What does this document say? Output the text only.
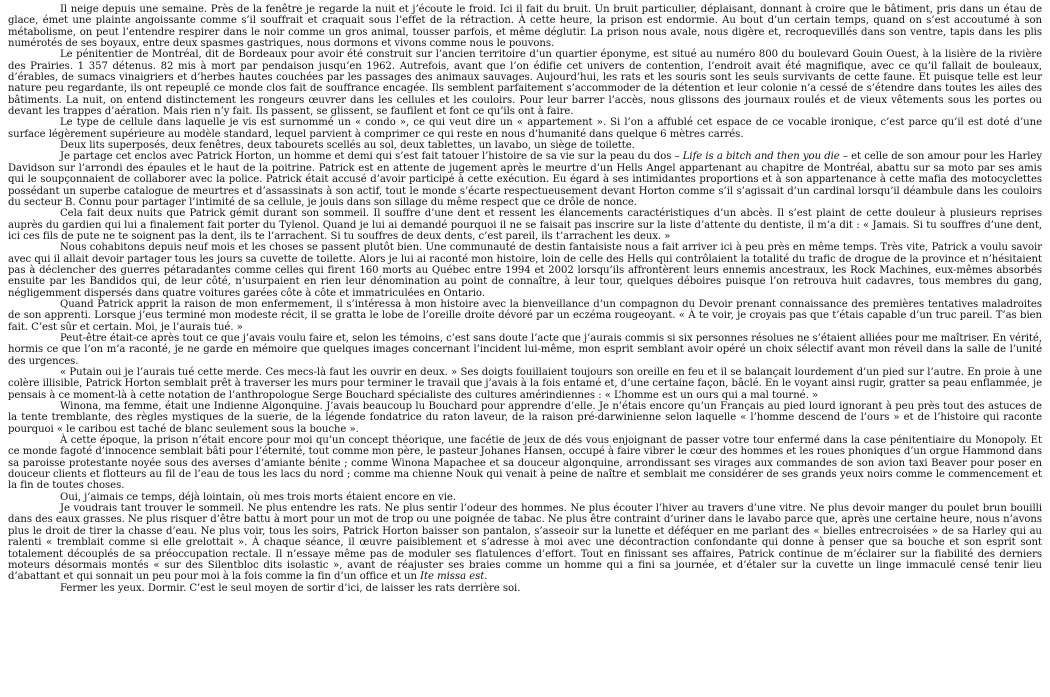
Il neige depuis une semaine. Près de la fenêtre je regarde la nuit et j’écoute le froid. Ici il fait du bruit. Un bruit particulier, déplaisant, donnant à croire que le bâtiment, pris dans un étau de glace, émet une plainte angoissante comme s’il souffrait et craquait sous l’effet de la rétraction. À cette heure, la prison est endormie. Au bout d’un certain temps, quand on s’est accoutumé à son métabolisme, on peut l’entendre respirer dans le noir comme un gros animal, tousser parfois, et même déglutir. La prison nous avale, nous digère et, recroquevillés dans son ventre, tapis dans les plis numérotés de ses boyaux, entre deux spasmes gastriques, nous dormons et vivons comme nous le pouvons.

Le pénitentier de Montréal, dit de Bordeaux pour avoir été construit sur l’ancien territoire d’un quartier éponyme, est situé au numéro 800 du boulevard Gouin Ouest, à la lisière de la rivière des Prairies. 1 357 détenus. 82 mis à mort par pendaison jusqu’en 1962. Autrefois, avant que l’on édifie cet univers de contention, l’endroit avait été magnifique, avec ce qu’il fallait de bouleaux, d’érables, de sumacs vinaigriers et d’herbes hautes couchées par les passages des animaux sauvages. Aujourd’hui, les rats et les souris sont les seuls survivants de cette faune. Et puisque telle est leur nature peu regardante, ils ont repeuplé ce monde clos fait de souffrance encagée. Ils semblent parfaitement s’accommoder de la détention et leur colonie n’a cessé de s’étendre dans toutes les ailes des bâtiments. La nuit, on entend distinctement les rongeurs œuvrer dans les cellules et les couloirs. Pour leur barrer l’accès, nous glissons des journaux roulés et de vieux vêtements sous les portes ou devant les trappes d’aération. Mais rien n’y fait. Ils passent, se glissent, se faufilent et font ce qu’ils ont à faire.

Le type de cellule dans laquelle je vis est surnommé un « condo », ce qui veut dire un « appartement ». Si l’on a affublé cet espace de ce vocable ironique, c’est parce qu’il est doté d’une surface légèrement supérieure au modèle standard, lequel parvient à comprimer ce qui reste en nous d’humanité dans quelque 6 mètres carrés.

Deux lits superposés, deux fenêtres, deux tabourets scellés au sol, deux tablettes, un lavabo, un siège de toilette.

Je partage cet enclos avec Patrick Horton, un homme et demi qui s’est fait tatouer l’histoire de sa vie sur la peau du dos – Life is a bitch and then you die – et celle de son amour pour les Harley Davidson sur l’arrondi des épaules et le haut de la poitrine. Patrick est en attente de jugement après le meurtre d’un Hells Angel appartenant au chapitre de Montréal, abattu sur sa moto par ses amis qui le soupçonnaient de collaborer avec la police. Patrick était accusé d’avoir participé à cette exécution. Eu égard à ses intimidantes proportions et à son appartenance à cette mafia des motocyclettes possédant un superbe catalogue de meurtres et d’assassinats à son actif, tout le monde s’écarte respectueusement devant Horton comme s’il s’agissait d’un cardinal lorsqu’il déambule dans les couloirs du secteur B. Connu pour partager l’intimité de sa cellule, je jouis dans son sillage du même respect que ce drôle de nonce.

Cela fait deux nuits que Patrick gémit durant son sommeil. Il souffre d’une dent et ressent les élancements caractéristiques d’un abcès. Il s’est plaint de cette douleur à plusieurs reprises auprès du gardien qui lui a finalement fait porter du Tylenol. Quand je lui ai demandé pourquoi il ne se faisait pas inscrire sur la liste d’attente du dentiste, il m’a dit : « Jamais. Si tu souffres d’une dent, ici ces fils de pute ne te soignent pas la dent, ils te l’arrachent. Si tu souffres de deux dents, c’est pareil, ils t’arrachent les deux. »

Nous cohabitons depuis neuf mois et les choses se passent plutôt bien. Une communauté de destin fantaisiste nous a fait arriver ici à peu près en même temps. Très vite, Patrick a voulu savoir avec qui il allait devoir partager tous les jours sa cuvette de toilette. Alors je lui ai raconté mon histoire, loin de celle des Hells qui contrôlaient la totalité du trafic de drogue de la province et n’hésitaient pas à déclencher des guerres pétaradantes comme celles qui firent 160 morts au Québec entre 1994 et 2002 lorsqu’ils affrontèrent leurs ennemis ancestraux, les Rock Machines, eux-mêmes absorbés ensuite par les Bandidos qui, de leur côté, n’usurpaient en rien leur dénomination au point de connaître, à leur tour, quelques déboires puisque l’on retrouva huit cadavres, tous membres du gang, négligemment dispersés dans quatre voitures garées côte à côte et immatriculées en Ontario.

Quand Patrick apprit la raison de mon enfermement, il s’intéressa à mon histoire avec la bienveillance d’un compagnon du Devoir prenant connaissance des premières tentatives maladroites de son apprenti. Lorsque j’eus terminé mon modeste récit, il se gratta le lobe de l’oreille droite dévoré par un eczéma rougeoyant. « À te voir, je croyais pas que t’étais capable d’un truc pareil. T’as bien fait. C’est sûr et certain. Moi, je l’aurais tué. »

Peut-être était-ce après tout ce que j’avais voulu faire et, selon les témoins, c’est sans doute l’acte que j’aurais commis si six personnes résolues ne s’étaient alliées pour me maîtriser. En vérité, hormis ce que l’on m’a raconté, je ne garde en mémoire que quelques images concernant l’incident lui-même, mon esprit semblant avoir opéré un choix sélectif avant mon réveil dans la salle de l’unité des urgences.

« Putain oui je l’aurais tué cette merde. Ces mecs-là faut les ouvrir en deux. » Ses doigts fouillaient toujours son oreille en feu et il se balançait lourdement d’un pied sur l’autre. En proie à une colère illisible, Patrick Horton semblait prêt à traverser les murs pour terminer le travail que j’avais à la fois entamé et, d’une certaine façon, bâclé. En le voyant ainsi rugir, gratter sa peau enflammée, je pensais à ce moment-là à cette notation de l’anthropologue Serge Bouchard spécialiste des cultures amérindiennes : « L’homme est un ours qui a mal tourné. »

Winona, ma femme, était une Indienne Algonquine. J’avais beaucoup lu Bouchard pour apprendre d’elle. Je n’étais encore qu’un Français au pied lourd ignorant à peu près tout des astuces de la tente tremblante, des règles mystiques de la suerie, de la légende fondatrice du raton laveur, de la raison pré-darwinienne selon laquelle « l’homme descend de l’ours » et de l’histoire qui raconte pourquoi « le caribou est taché de blanc seulement sous la bouche ».

À cette époque, la prison n’était encore pour moi qu’un concept théorique, une facétie de jeux de dés vous enjoignant de passer votre tour enfermé dans la case pénitentiaire du Monopoly. Et ce monde fagoté d’innocence semblait bâti pour l’éternité, tout comme mon père, le pasteur Johanes Hansen, occupé à faire vibrer le cœur des hommes et les roues phoniques d’un orgue Hammond dans sa paroisse protestante noyée sous des averses d’amiante bénite ; comme Winona Mapachee et sa douceur algonquine, arrondissant ses virages aux commandes de son avion taxi Beaver pour poser en douceur clients et flotteurs au fil de l’eau de tous les lacs du nord ; comme ma chienne Nouk qui venait à peine de naître et semblait me considérer de ses grands yeux noirs comme le commencement et la fin de toutes choses.

Oui, j’aimais ce temps, déjà lointain, où mes trois morts étaient encore en vie.

Je voudrais tant trouver le sommeil. Ne plus entendre les rats. Ne plus sentir l’odeur des hommes. Ne plus écouter l’hiver au travers d’une vitre. Ne plus devoir manger du poulet brun bouilli dans des eaux grasses. Ne plus risquer d’être battu à mort pour un mot de trop ou une poignée de tabac. Ne plus être contraint d’uriner dans le lavabo parce que, après une certaine heure, nous n’avons plus le droit de tirer la chasse d’eau. Ne plus voir, tous les soirs, Patrick Horton baisser son pantalon, s’asseoir sur la lunette et déféquer en me parlant des « bielles entrecroisées » de sa Harley qui au ralenti « tremblait comme si elle grelottait ». À chaque séance, il œuvre paisiblement et s’adresse à moi avec une décontraction confondante qui donne à penser que sa bouche et son esprit sont totalement découplés de sa préoccupation rectale. Il n’essaye même pas de moduler ses flatulences d’effort. Tout en finissant ses affaires, Patrick continue de m’éclairer sur la fiabilité des derniers moteurs désormais montés « sur des Silentbloc dits isolastic », avant de réajuster ses braies comme un homme qui a fini sa journée, et d’étaler sur la cuvette un linge immaculé censé tenir lieu d’abattant et qui sonnait un peu pour moi à la fois comme la fin d’un office et un Ite missa est.

Fermer les yeux. Dormir. C’est le seul moyen de sortir d’ici, de laisser les rats derrière soi.
